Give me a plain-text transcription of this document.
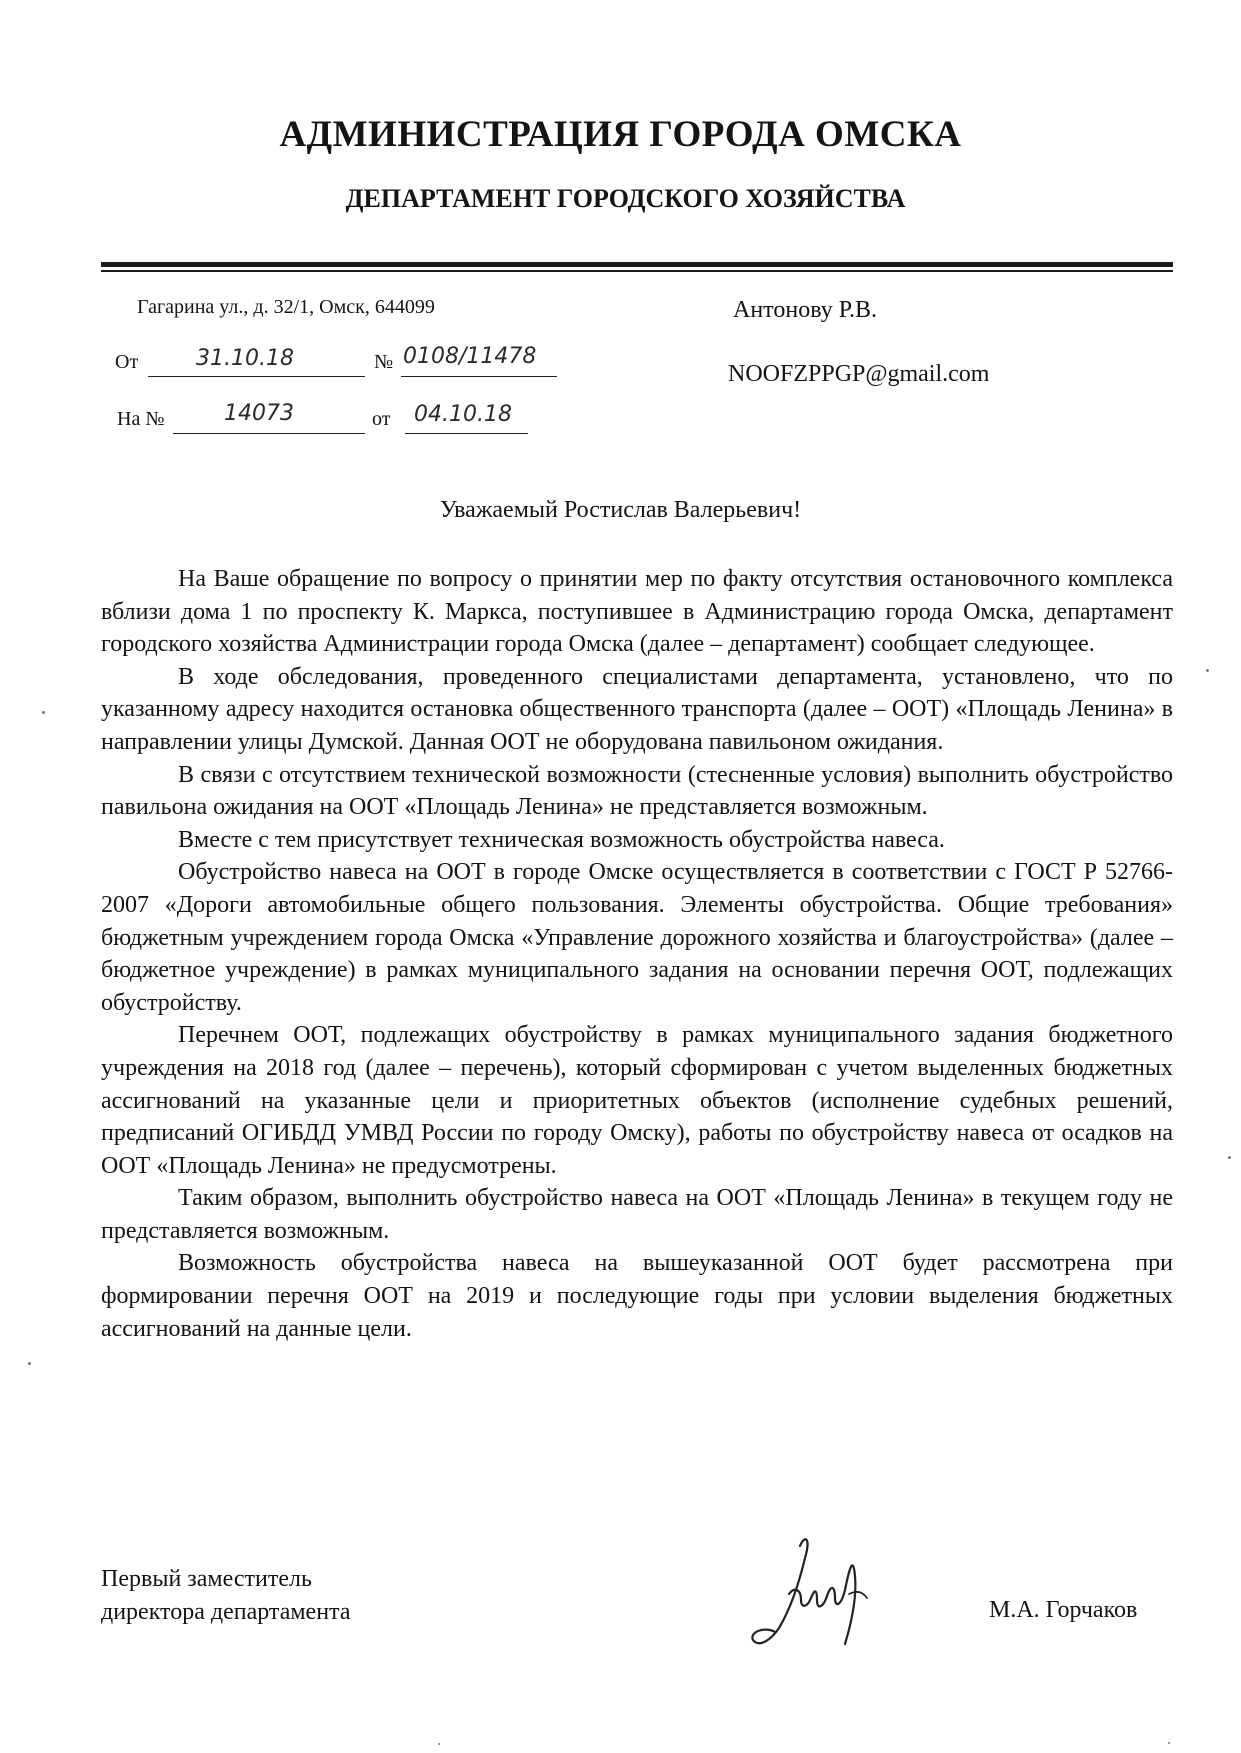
АДМИНИСТРАЦИЯ ГОРОДА ОМСКА
ДЕПАРТАМЕНТ ГОРОДСКОГО ХОЗЯЙСТВА
Гагарина ул., д. 32/1, Омск, 644099
От	31.10.18	№ 0108/11478
На №	14073	от 04.10.18
Антонову Р.В.
NOOFZPPGP@gmail.com
Уважаемый Ростислав Валерьевич!

На Ваше обращение по вопросу о принятии мер по факту отсутствия остановочного комплекса вблизи дома 1 по проспекту К. Маркса, поступившее в Администрацию города Омска, департамент городского хозяйства Администрации города Омска (далее – департамент) сообщает следующее.

В ходе обследования, проведенного специалистами департамента, установлено, что по указанному адресу находится остановка общественного транспорта (далее – ООТ) «Площадь Ленина» в направлении улицы Думской. Данная ООТ не оборудована павильоном ожидания.

В связи с отсутствием технической возможности (стесненные условия) выполнить обустройство павильона ожидания на ООТ «Площадь Ленина» не представляется возможным.

Вместе с тем присутствует техническая возможность обустройства навеса.

Обустройство навеса на ООТ в городе Омске осуществляется в соответствии с ГОСТ Р 52766-2007 «Дороги автомобильные общего пользования. Элементы обустройства. Общие требования» бюджетным учреждением города Омска «Управление дорожного хозяйства и благоустройства» (далее – бюджетное учреждение) в рамках муниципального задания на основании перечня ООТ, подлежащих обустройству.

Перечнем ООТ, подлежащих обустройству в рамках муниципального задания бюджетного учреждения на 2018 год (далее – перечень), который сформирован с учетом выделенных бюджетных ассигнований на указанные цели и приоритетных объектов (исполнение судебных решений, предписаний ОГИБДД УМВД России по городу Омску), работы по обустройству навеса от осадков на ООТ «Площадь Ленина» не предусмотрены.

Таким образом, выполнить обустройство навеса на ООТ «Площадь Ленина» в текущем году не представляется возможным.

Возможность обустройства навеса на вышеуказанной ООТ будет рассмотрена при формировании перечня ООТ на 2019 и последующие годы при условии выделения бюджетных ассигнований на данные цели.

Первый заместитель
директора департамента	М.А. Горчаков
